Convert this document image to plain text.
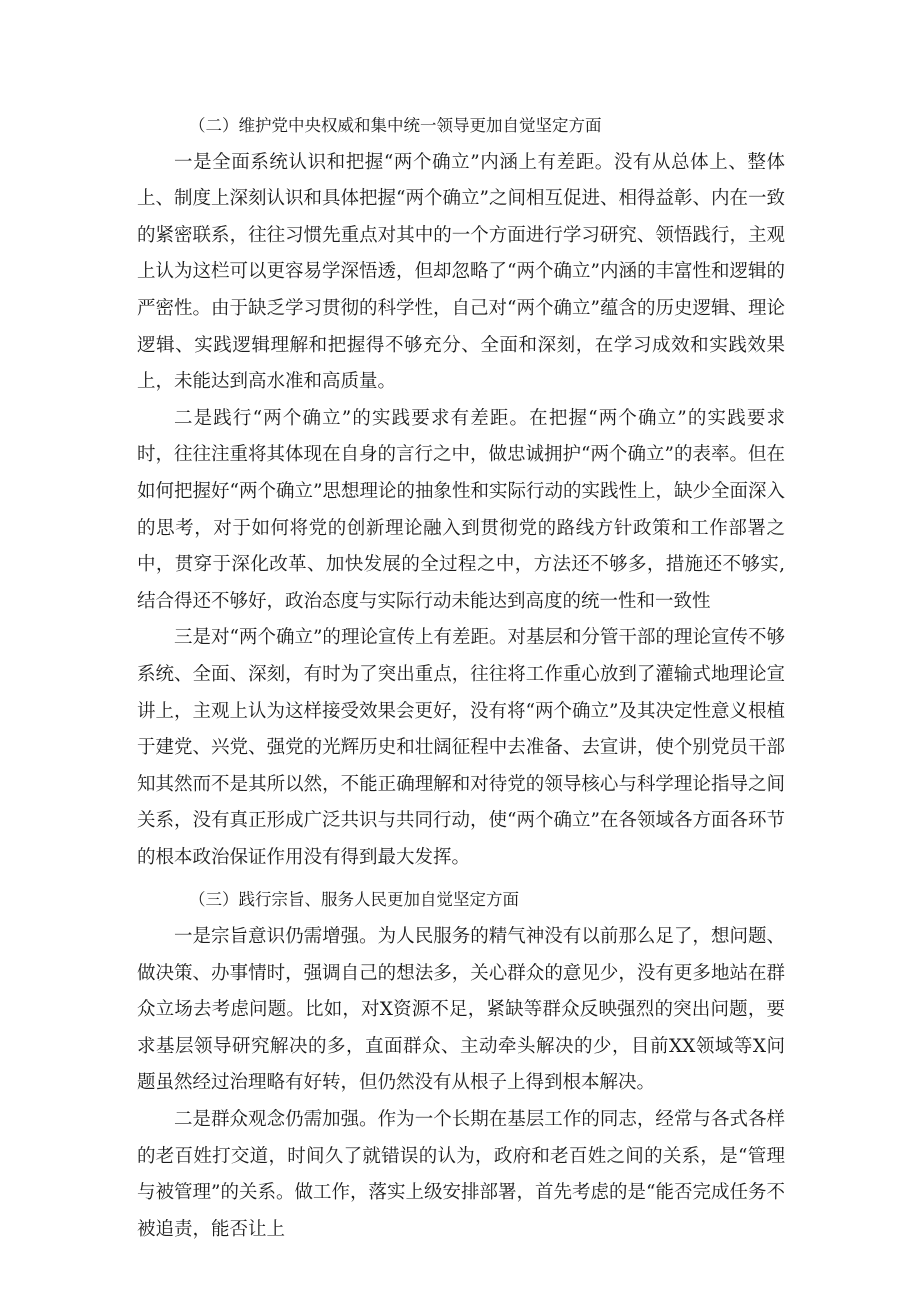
（二）维护党中央权威和集中统一领导更加自觉坚定方面

一是全面系统认识和把握“两个确立”内涵上有差距。没有从总体上、整体上、制度上深刻认识和具体把握“两个确立”之间相互促进、相得益彰、内在一致的紧密联系，往往习惯先重点对其中的一个方面进行学习研究、领悟践行，主观上认为这栏可以更容易学深悟透，但却忽略了“两个确立”内涵的丰富性和逻辑的严密性。由于缺乏学习贯彻的科学性，自己对“两个确立”蕴含的历史逻辑、理论逻辑、实践逻辑理解和把握得不够充分、全面和深刻，在学习成效和实践效果上，未能达到高水准和高质量。

二是践行“两个确立”的实践要求有差距。在把握“两个确立”的实践要求时，往往注重将其体现在自身的言行之中，做忠诚拥护“两个确立”的表率。但在如何把握好“两个确立”思想理论的抽象性和实际行动的实践性上，缺少全面深入的思考，对于如何将党的创新理论融入到贯彻党的路线方针政策和工作部署之中，贯穿于深化改革、加快发展的全过程之中，方法还不够多，措施还不够实,结合得还不够好，政治态度与实际行动未能达到高度的统一性和一致性

三是对“两个确立”的理论宣传上有差距。对基层和分管干部的理论宣传不够系统、全面、深刻，有时为了突出重点，往往将工作重心放到了灌输式地理论宣讲上，主观上认为这样接受效果会更好，没有将“两个确立”及其决定性意义根植于建党、兴党、强党的光辉历史和壮阔征程中去准备、去宣讲，使个别党员干部知其然而不是其所以然，不能正确理解和对待党的领导核心与科学理论指导之间关系，没有真正形成广泛共识与共同行动，使“两个确立”在各领域各方面各环节的根本政治保证作用没有得到最大发挥。

（三）践行宗旨、服务人民更加自觉坚定方面

一是宗旨意识仍需增强。为人民服务的精气神没有以前那么足了，想问题、做决策、办事情时，强调自己的想法多，关心群众的意见少，没有更多地站在群众立场去考虑问题。比如，对X资源不足，紧缺等群众反映强烈的突出问题，要求基层领导研究解决的多，直面群众、主动牵头解决的少，目前XX领域等X问题虽然经过治理略有好转，但仍然没有从根子上得到根本解决。

二是群众观念仍需加强。作为一个长期在基层工作的同志，经常与各式各样的老百姓打交道，时间久了就错误的认为，政府和老百姓之间的关系，是“管理与被管理”的关系。做工作，落实上级安排部署，首先考虑的是“能否完成任务不被追责，能否让上
